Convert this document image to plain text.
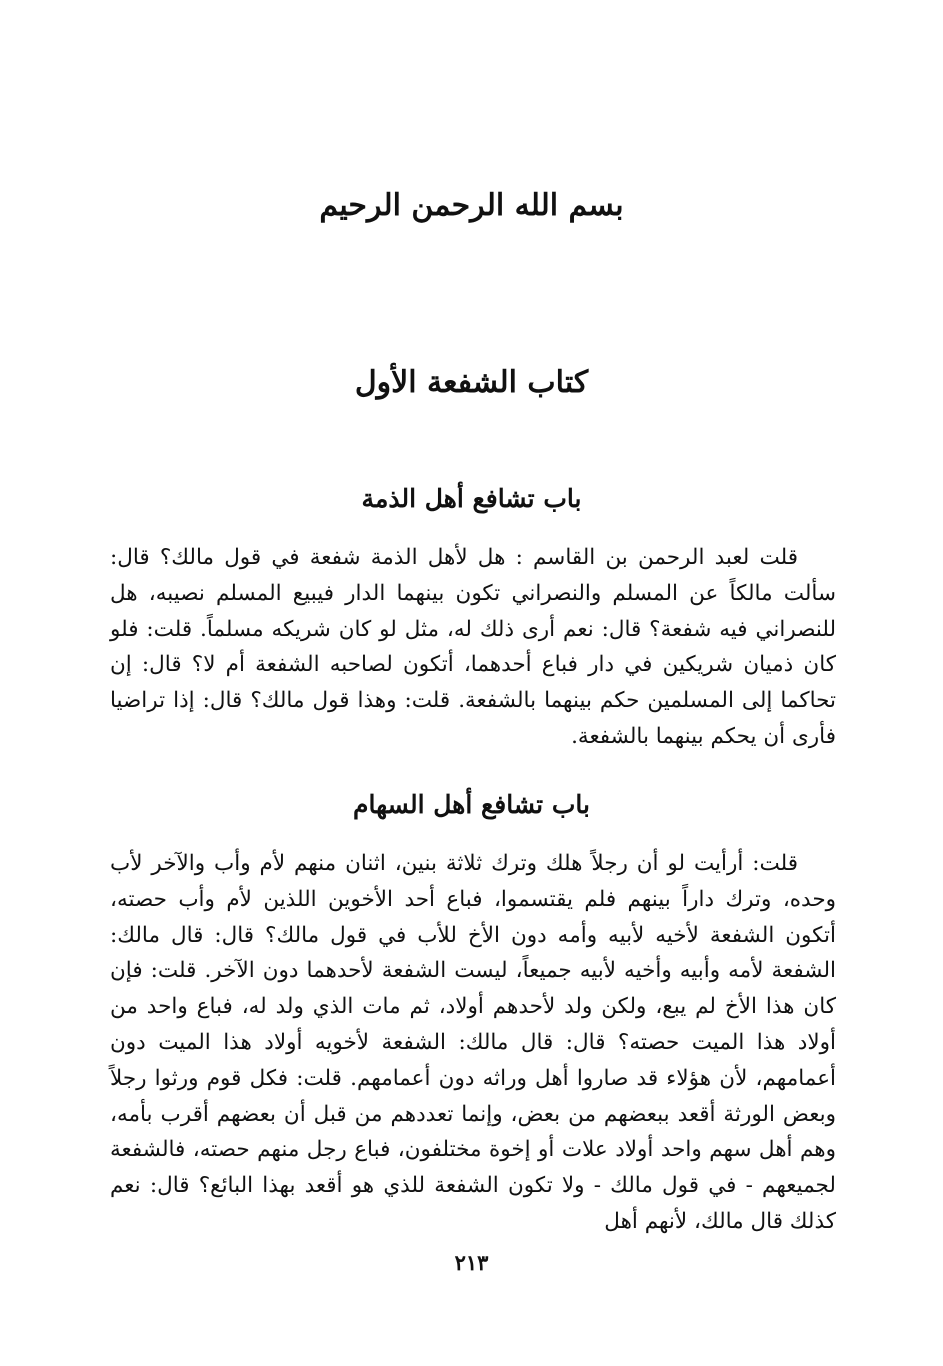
بسم الله الرحمن الرحيم
كتاب الشفعة الأول
باب تشافع أهل الذمة
قلت لعبد الرحمن بن القاسم : هل لأهل الذمة شفعة في قول مالك؟ قال: سألت مالكاً عن المسلم والنصراني تكون بينهما الدار فيبيع المسلم نصيبه، هل للنصراني فيه شفعة؟ قال: نعم أرى ذلك له، مثل لو كان شريكه مسلماً. قلت: فلو كان ذميان شريكين في دار فباع أحدهما، أتكون لصاحبه الشفعة أم لا؟ قال: إن تحاكما إلى المسلمين حكم بينهما بالشفعة. قلت: وهذا قول مالك؟ قال: إذا تراضيا فأرى أن يحكم بينهما بالشفعة.
باب تشافع أهل السهام
قلت: أرأيت لو أن رجلاً هلك وترك ثلاثة بنين، اثنان منهم لأم وأب والآخر لأب وحده، وترك داراً بينهم فلم يقتسموا، فباع أحد الأخوين اللذين لأم وأب حصته، أتكون الشفعة لأخيه لأبيه وأمه دون الأخ للأب في قول مالك؟ قال: قال مالك: الشفعة لأمه وأبيه وأخيه لأبيه جميعاً، ليست الشفعة لأحدهما دون الآخر. قلت: فإن كان هذا الأخ لم يبع، ولكن ولد لأحدهم أولاد، ثم مات الذي ولد له، فباع واحد من أولاد هذا الميت حصته؟ قال: قال مالك: الشفعة لأخويه أولاد هذا الميت دون أعمامهم، لأن هؤلاء قد صاروا أهل وراثه دون أعمامهم. قلت: فكل قوم ورثوا رجلاً وبعض الورثة أقعد ببعضهم من بعض، وإنما تعددهم من قبل أن بعضهم أقرب بأمه، وهم أهل سهم واحد أولاد علات أو إخوة مختلفون، فباع رجل منهم حصته، فالشفعة لجميعهم - في قول مالك - ولا تكون الشفعة للذي هو أقعد بهذا البائع؟ قال: نعم كذلك قال مالك، لأنهم أهل
٢١٣
